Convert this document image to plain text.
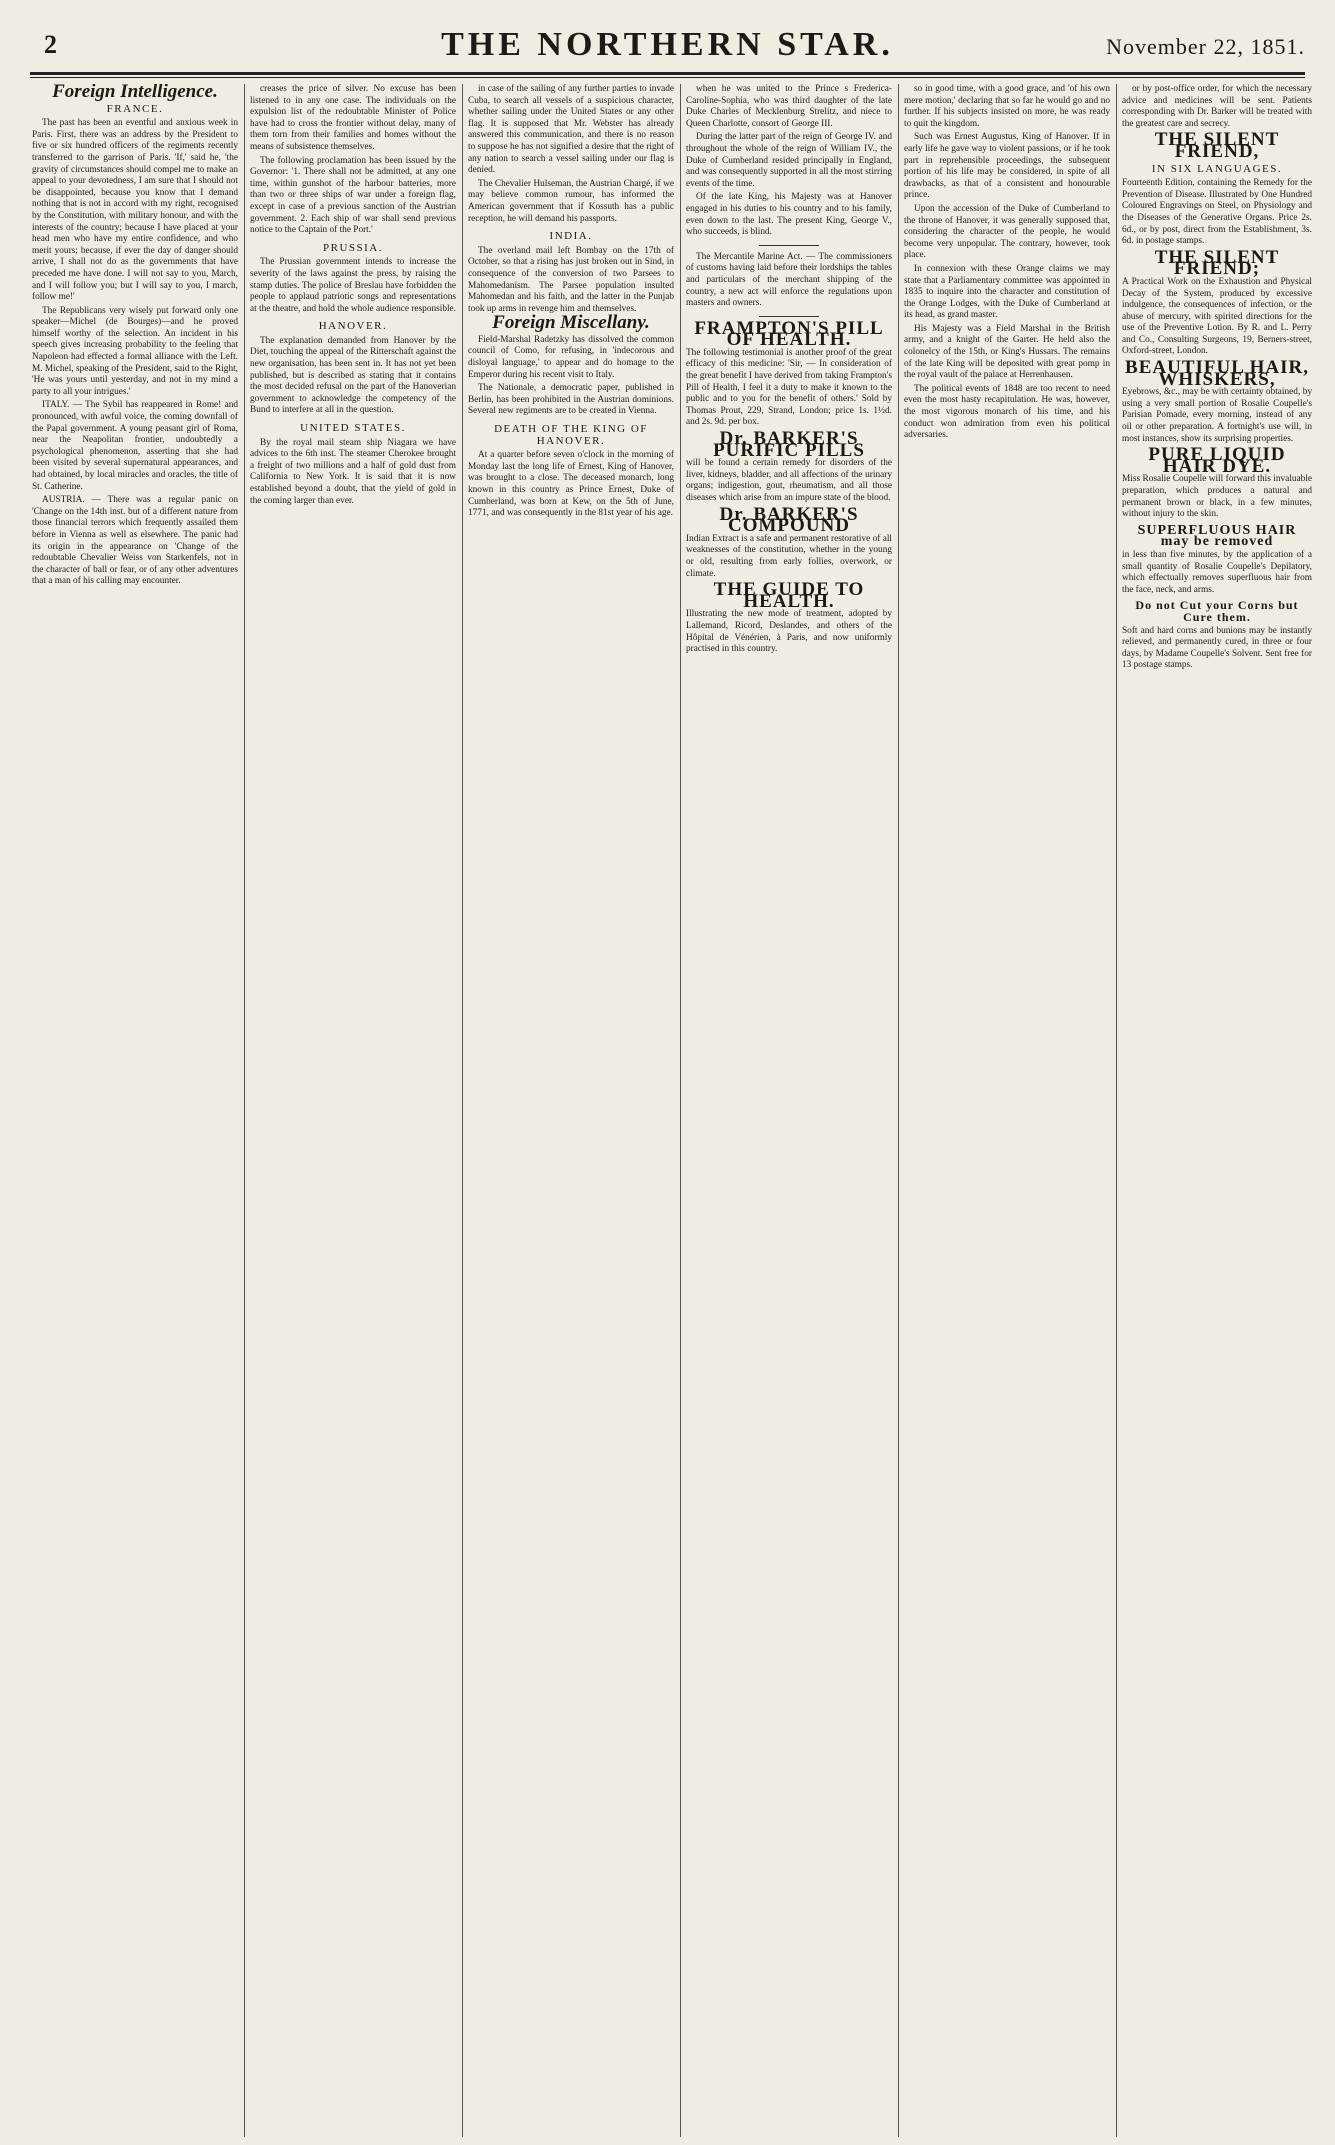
2	THE NORTHERN STAR.	November 22, 1851.
Foreign Intelligence.
FRANCE.

The past has been an eventful and anxious week in Paris. First, there was an address by the President to five or six hundred officers of the regiments recently transferred to the garrison of Paris. 'If,' said he, 'the gravity of circumstances should compel me to make an appeal to your devotedness, I am sure that I should not be disappointed, because you know that I demand nothing that is not in accord with my right, recognised by the Constitution, with military honour, and with the interests of the country; because I have placed at your head men who have my entire confidence, and who merit yours; because, if ever the day of danger should arrive, I shall not do as the governments that have preceded me have done. I will not say to you, March, and I will follow you; but I will say to you, I march, follow me!'

The Republicans very wisely put forward only one speaker—Michel (de Bourges)—and he proved himself worthy of the selection. An incident in his speech gives increasing probability to the feeling that Napoleon had effected a formal alliance with the Left. M. Michel, speaking of the President, said to the Right, 'He was yours until yesterday, and not in my mind a party to all your intrigues.'

ITALY. — The Sybil has reappeared in Rome! and pronounced, with awful voice, the coming downfall of the Papal government. A young peasant girl of Roma, near the Neapolitan frontier, undoubtedly a psychological phenomenon, asserting that she had been visited by several supernatural appearances, and had obtained, by local miracles and oracles, the title of St. Catherine.

AUSTRIA. — There was a regular panic on 'Change on the 14th inst. but of a different nature from those financial terrors which frequently assailed them before in Vienna as well as elsewhere. The panic had its origin in the appearance on 'Change of the redoubtable Chevalier Weiss von Starkenfels, not in the character of ball or fear, or of any other adventures that a man of his calling may encounter.

creases the price of silver. No excuse has been listened to in any one case. The individuals on the expulsion list of the redoubtable Minister of Police have had to cross the frontier without delay, many of them torn from their families and homes without the means of subsistence themselves.

The following proclamation has been issued by the Governor: '1. There shall not be admitted, at any one time, within gunshot of the harbour batteries, more than two or three ships of war under a foreign flag, except in case of a previous sanction of the Austrian government. 2. Each ship of war shall send previous notice to the Captain of the Port.'

PRUSSIA.

The Prussian government intends to increase the severity of the laws against the press, by raising the stamp duties. The police of Breslau have forbidden the people to applaud patriotic songs and representations at the theatre, and hold the whole audience responsible.

HANOVER.

The explanation demanded from Hanover by the Diet, touching the appeal of the Ritterschaft against the new organisation, has been sent in. It has not yet been published, but is described as stating that it contains the most decided refusal on the part of the Hanoverian government to acknowledge the competency of the Bund to interfere at all in the question.

UNITED STATES.

By the royal mail steam ship Niagara we have advices to the 6th inst. The steamer Cherokee brought a freight of two millions and a half of gold dust from California to New York. It is said that it is now established beyond a doubt, that the yield of gold in the coming larger than ever.

in case of the sailing of any further parties to invade Cuba, to search all vessels of a suspicious character, whether sailing under the United States or any other flag. It is supposed that Mr. Webster has already answered this communication, and there is no reason to suppose he has not signified a desire that the right of any nation to search a vessel sailing under our flag is denied.

The Chevalier Hulseman, the Austrian Chargé, if we may believe common rumour, has informed the American government that if Kossuth has a public reception, he will demand his passports.

INDIA.

The overland mail left Bombay on the 17th of October, so that a rising has just broken out in Sind, in consequence of the conversion of two Parsees to Mahomedanism. The Parsee population insulted Mahomedan and his faith, and the latter in the Punjab took up arms in revenge him and themselves.

Foreign Miscellany.

Field-Marshal Radetzky has dissolved the common council of Como, for refusing, in 'indecorous and disloyal language,' to appear and do homage to the Emperor during his recent visit to Italy.

The Nationale, a democratic paper, published in Berlin, has been prohibited in the Austrian dominions. Several new regiments are to be created in Vienna.

DEATH OF THE KING OF HANOVER.

At a quarter before seven o'clock in the morning of Monday last the long life of Ernest, King of Hanover, was brought to a close. The deceased monarch, long known in this country as Prince Ernest, Duke of Cumberland, was born at Kew, on the 5th of June, 1771, and was consequently in the 81st year of his age.

when he was united to the Prince s Frederica-Caroline-Sophia, who was third daughter of the late Duke Charles of Mecklenburg Strelitz, and niece to Queen Charlotte, consort of George III.

During the latter part of the reign of George IV. and throughout the whole of the reign of William IV., the Duke of Cumberland resided principally in England, and was consequently supported in all the most stirring events of the time.

Of the late King, his Majesty was at Hanover engaged in his duties to his country and to his family, even down to the last. The present King, George V., who succeeds, is blind.

The Mercantile Marine Act. — The commissioners of customs having laid before their lordships the tables and particulars of the merchant shipping of the country, a new act will enforce the regulations upon masters and owners.

FRAMPTON'S PILL OF HEALTH.

The following testimonial is another proof of the great efficacy of this medicine: 'Sir, — In consideration of the great benefit I have derived from taking Frampton's Pill of Health, I feel it a duty to make it known to the public and to you for the benefit of others.' Sold by Thomas Prout, 229, Strand, London; price 1s. 1½d. and 2s. 9d. per box.

Dr. BARKER'S PURIFIC PILLS

will be found a certain remedy for disorders of the liver, kidneys, bladder, and all affections of the urinary organs; indigestion, gout, rheumatism, and all those diseases which arise from an impure state of the blood.

Dr. BARKER'S COMPOUND

Indian Extract is a safe and permanent restorative of all weaknesses of the constitution, whether in the young or old, resulting from early follies, overwork, or climate.

THE GUIDE TO HEALTH.

Illustrating the new mode of treatment, adopted by Lallemand, Ricord, Deslandes, and others of the Hôpital de Vénérien, à Paris, and now uniformly practised in this country.

so in good time, with a good grace, and 'of his own mere motion,' declaring that so far he would go and no further. If his subjects insisted on more, he was ready to quit the kingdom.

Such was Ernest Augustus, King of Hanover. If in early life he gave way to violent passions, or if he took part in reprehensible proceedings, the subsequent portion of his life may be considered, in spite of all drawbacks, as that of a consistent and honourable prince.

Upon the accession of the Duke of Cumberland to the throne of Hanover, it was generally supposed that, considering the character of the people, he would become very unpopular. The contrary, however, took place.

In connexion with these Orange claims we may state that a Parliamentary committee was appointed in 1835 to inquire into the character and constitution of the Orange Lodges, with the Duke of Cumberland at its head, as grand master.

His Majesty was a Field Marshal in the British army, and a knight of the Garter. He held also the colonelcy of the 15th, or King's Hussars. The remains of the late King will be deposited with great pomp in the royal vault of the palace at Herrenhausen.

The political events of 1848 are too recent to need even the most hasty recapitulation. He was, however, the most vigorous monarch of his time, and his conduct won admiration from even his political adversaries.

or by post-office order, for which the necessary advice and medicines will be sent. Patients corresponding with Dr. Barker will be treated with the greatest care and secrecy.

THE SILENT FRIEND,
IN SIX LANGUAGES.

Fourteenth Edition, containing the Remedy for the Prevention of Disease. Illustrated by One Hundred Coloured Engravings on Steel, on Physiology and the Diseases of the Generative Organs. Price 2s. 6d., or by post, direct from the Establishment, 3s. 6d. in postage stamps.

THE SILENT FRIEND;

A Practical Work on the Exhaustion and Physical Decay of the System, produced by excessive indulgence, the consequences of infection, or the abuse of mercury, with spirited directions for the use of the Preventive Lotion. By R. and L. Perry and Co., Consulting Surgeons, 19, Berners-street, Oxford-street, London.

BEAUTIFUL HAIR, WHISKERS,

Eyebrows, &c., may be with certainty obtained, by using a very small portion of Rosalie Coupelle's Parisian Pomade, every morning, instead of any oil or other preparation. A fortnight's use will, in most instances, show its surprising properties.

PURE LIQUID HAIR DYE.

Miss Rosalie Coupelle will forward this invaluable preparation, which produces a natural and permanent brown or black, in a few minutes, without injury to the skin.

SUPERFLUOUS HAIR may be removed

in less than five minutes, by the application of a small quantity of Rosalie Coupelle's Depilatory, which effectually removes superfluous hair from the face, neck, and arms.

Do not Cut your Corns but Cure them.

Soft and hard corns and bunions may be instantly relieved, and permanently cured, in three or four days, by Madame Coupelle's Solvent. Sent free for 13 postage stamps.
